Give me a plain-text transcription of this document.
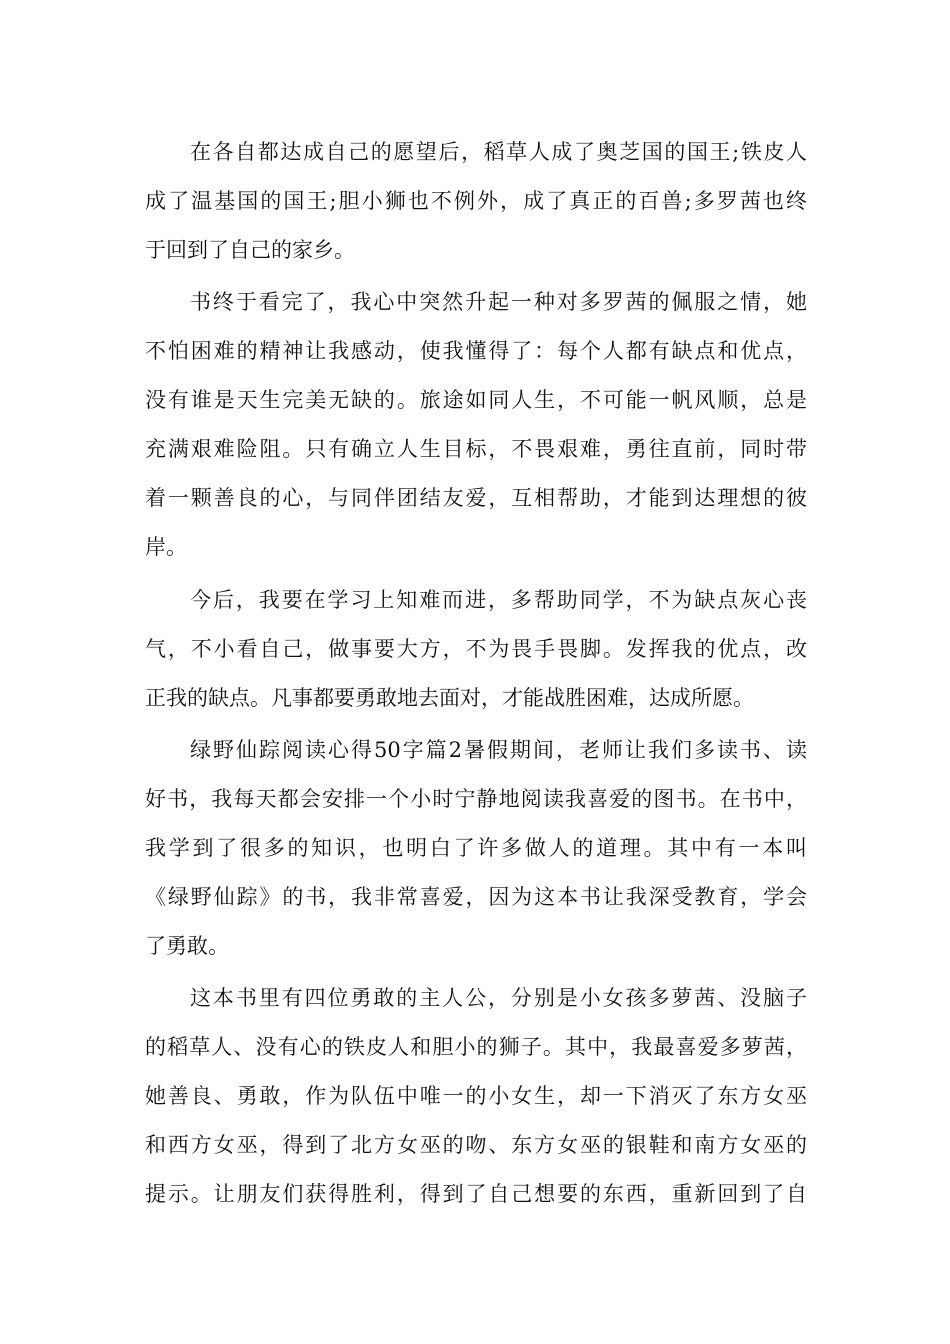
在各自都达成自己的愿望后，稻草人成了奥芝国的国王;铁皮人
成了温基国的国王;胆小狮也不例外，成了真正的百兽;多罗茜也终
于回到了自己的家乡。
书终于看完了，我心中突然升起一种对多罗茜的佩服之情，她
不怕困难的精神让我感动，使我懂得了：每个人都有缺点和优点，
没有谁是天生完美无缺的。旅途如同人生，不可能一帆风顺，总是
充满艰难险阻。只有确立人生目标，不畏艰难，勇往直前，同时带
着一颗善良的心，与同伴团结友爱，互相帮助，才能到达理想的彼
岸。
今后，我要在学习上知难而进，多帮助同学，不为缺点灰心丧
气，不小看自己，做事要大方，不为畏手畏脚。发挥我的优点，改
正我的缺点。凡事都要勇敢地去面对，才能战胜困难，达成所愿。
绿野仙踪阅读心得50字篇2暑假期间，老师让我们多读书、读
好书，我每天都会安排一个小时宁静地阅读我喜爱的图书。在书中，
我学到了很多的知识，也明白了许多做人的道理。其中有一本叫
《绿野仙踪》的书，我非常喜爱，因为这本书让我深受教育，学会
了勇敢。
这本书里有四位勇敢的主人公，分别是小女孩多萝茜、没脑子
的稻草人、没有心的铁皮人和胆小的狮子。其中，我最喜爱多萝茜，
她善良、勇敢，作为队伍中唯一的小女生，却一下消灭了东方女巫
和西方女巫，得到了北方女巫的吻、东方女巫的银鞋和南方女巫的
提示。让朋友们获得胜利，得到了自己想要的东西，重新回到了自
